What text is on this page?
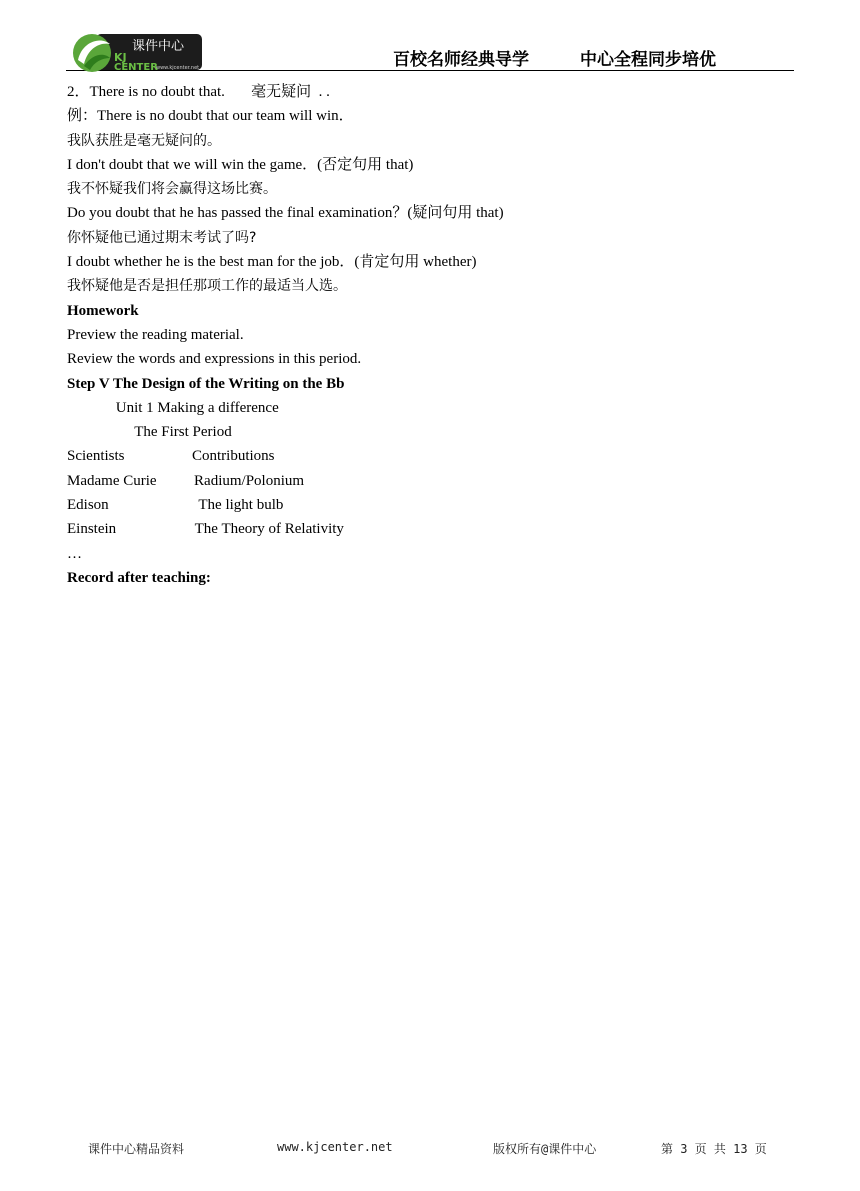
课件中心
KJ
CENTER
www.kjcenter.net	百校名师经典导学	中心全程同步培优
2．There is no doubt that.       毫无疑问  . .
例：There is no doubt that our team will win．
我队获胜是毫无疑问的。
I don't doubt that we will win the game．(否定句用 that)
我不怀疑我们将会赢得这场比赛。
Do you doubt that he has passed the final examination？(疑问句用 that)
你怀疑他已通过期末考试了吗?
I doubt whether he is the best man for the job．(肯定句用 whether)
我怀疑他是否是担任那项工作的最适当人选。
Homework
Preview the reading material.
Review the words and expressions in this period.
Step V The Design of the Writing on the Bb
Unit 1 Making a difference
The First Period
Scientists                  Contributions
Madame Curie          Radium/Polonium
Edison                        The light bulb
Einstein                     The Theory of Relativity
…
Record after teaching:
课件中心精品资料	www.kjcenter.net	版权所有@课件中心	第 3 页 共 13 页
